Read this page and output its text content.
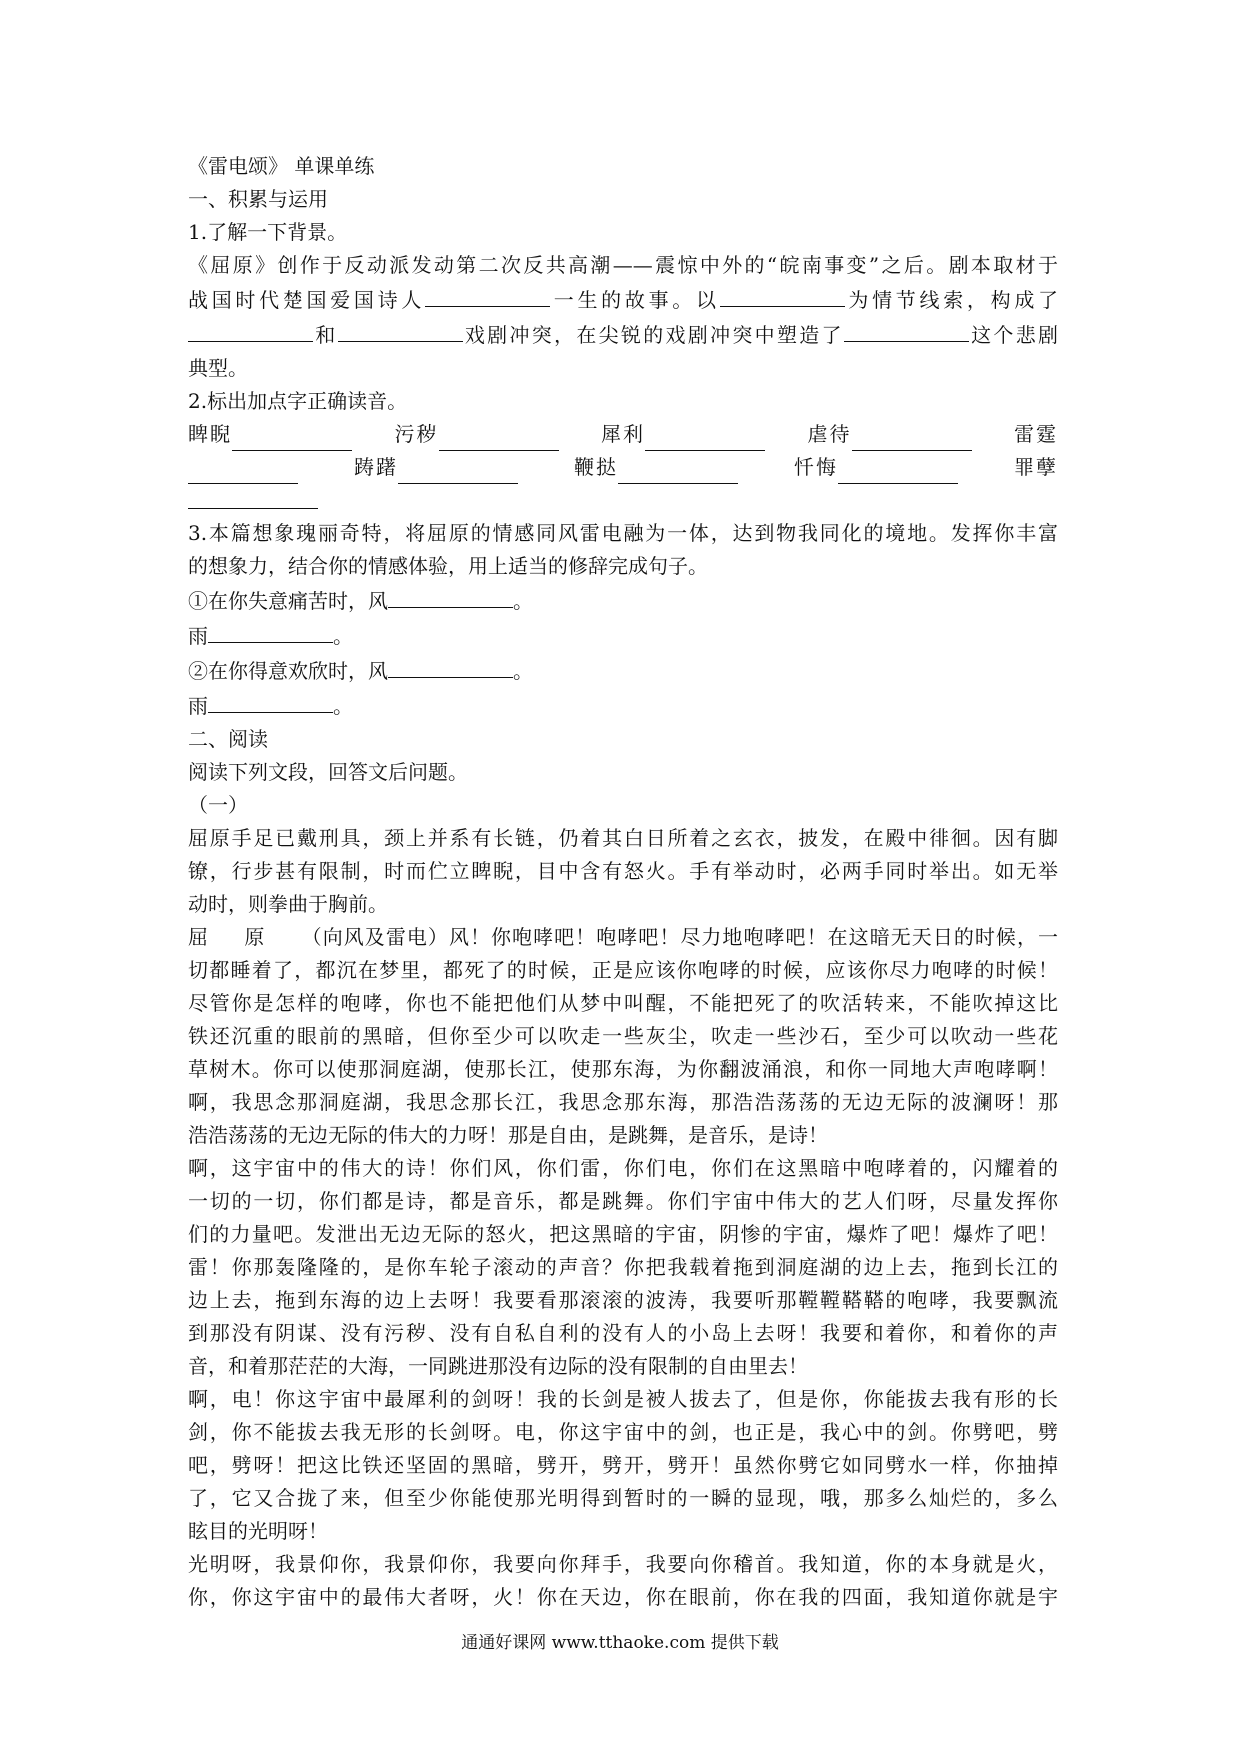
《雷电颂》 单课单练
一、积累与运用
1.了解一下背景。
《屈原》创作于反动派发动第二次反共高潮——震惊中外的“皖南事变”之后。剧本取材于
战国时代楚国爱国诗人	一生的故事。以	为情节线索，构成了
和	戏剧冲突，在尖锐的戏剧冲突中塑造了	这个悲剧
典型。
2.标出加点字正确读音。
睥睨	污秽	犀利	虐待	雷霆
踌躇	鞭挞	忏悔	罪孽
3.本篇想象瑰丽奇特，将屈原的情感同风雷电融为一体，达到物我同化的境地。发挥你丰富
的想象力，结合你的情感体验，用上适当的修辞完成句子。
①在你失意痛苦时，风	。
雨	。
②在你得意欢欣时，风	。
雨	。
二、阅读
阅读下列文段，回答文后问题。
（一）
屈原手足已戴刑具，颈上并系有长链，仍着其白日所着之玄衣，披发，在殿中徘徊。因有脚
镣，行步甚有限制，时而伫立睥睨，目中含有怒火。手有举动时，必两手同时举出。如无举
动时，则拳曲于胸前。
屈 原 （向风及雷电）风！你咆哮吧！咆哮吧！尽力地咆哮吧！在这暗无天日的时候，一
切都睡着了，都沉在梦里，都死了的时候，正是应该你咆哮的时候，应该你尽力咆哮的时候！
尽管你是怎样的咆哮，你也不能把他们从梦中叫醒，不能把死了的吹活转来，不能吹掉这比
铁还沉重的眼前的黑暗，但你至少可以吹走一些灰尘，吹走一些沙石，至少可以吹动一些花
草树木。你可以使那洞庭湖，使那长江，使那东海，为你翻波涌浪，和你一同地大声咆哮啊！
啊，我思念那洞庭湖，我思念那长江，我思念那东海，那浩浩荡荡的无边无际的波澜呀！那
浩浩荡荡的无边无际的伟大的力呀！那是自由，是跳舞，是音乐，是诗！
啊，这宇宙中的伟大的诗！你们风，你们雷，你们电，你们在这黑暗中咆哮着的，闪耀着的
一切的一切，你们都是诗，都是音乐，都是跳舞。你们宇宙中伟大的艺人们呀，尽量发挥你
们的力量吧。发泄出无边无际的怒火，把这黑暗的宇宙，阴惨的宇宙，爆炸了吧！爆炸了吧！
雷！你那轰隆隆的，是你车轮子滚动的声音？你把我载着拖到洞庭湖的边上去，拖到长江的
边上去，拖到东海的边上去呀！我要看那滚滚的波涛，我要听那鞺鞺鞳鞳的咆哮，我要飘流
到那没有阴谋、没有污秽、没有自私自利的没有人的小岛上去呀！我要和着你，和着你的声
音，和着那茫茫的大海，一同跳进那没有边际的没有限制的自由里去！
啊，电！你这宇宙中最犀利的剑呀！我的长剑是被人拔去了，但是你，你能拔去我有形的长
剑，你不能拔去我无形的长剑呀。电，你这宇宙中的剑，也正是，我心中的剑。你劈吧，劈
吧，劈呀！把这比铁还坚固的黑暗，劈开，劈开，劈开！虽然你劈它如同劈水一样，你抽掉
了，它又合拢了来，但至少你能使那光明得到暂时的一瞬的显现，哦，那多么灿烂的，多么
眩目的光明呀！
光明呀，我景仰你，我景仰你，我要向你拜手，我要向你稽首。我知道，你的本身就是火，
你，你这宇宙中的最伟大者呀，火！你在天边，你在眼前，你在我的四面，我知道你就是宇
通通好课网 www.tthaoke.com 提供下载
